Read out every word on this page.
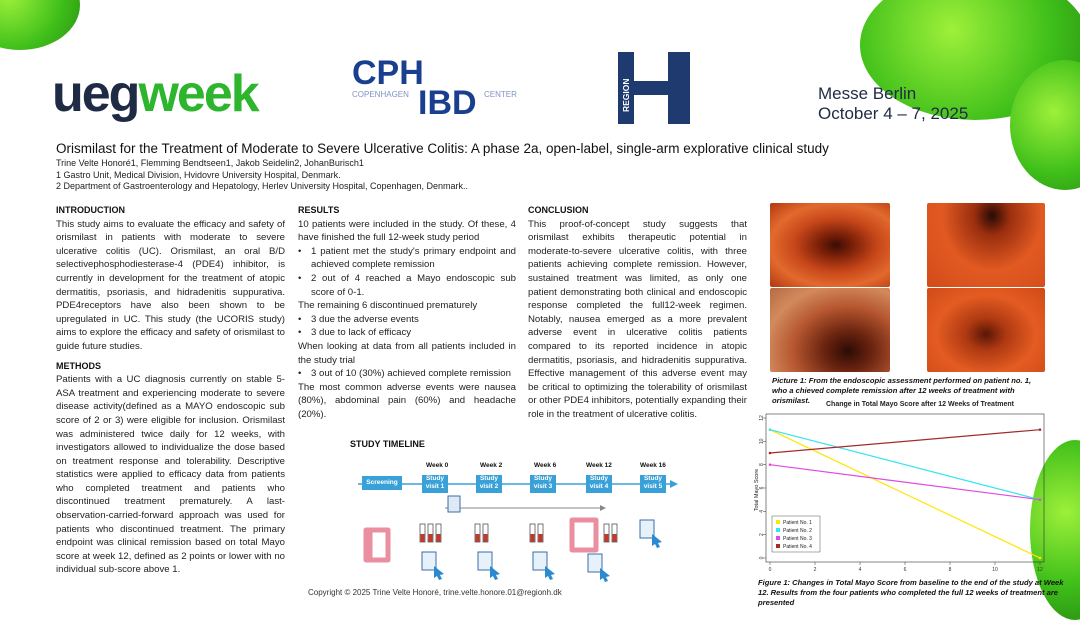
uegweek	CPH
COPENHAGEN IBD CENTER	REGION	Messe Berlin
October 4 – 7, 2025
Orismilast for the Treatment of Moderate to Severe Ulcerative Colitis: A phase 2a, open-label, single-arm explorative clinical study
Trine Velte Honoré1, Flemming Bendtseen1, Jakob Seidelin2, JohanBurisch1
1 Gastro Unit, Medical Division, Hvidovre University Hospital, Denmark.
2 Department of Gastroenterology and Hepatology, Herlev University Hospital, Copenhagen, Denmark..
INTRODUCTION

This study aims to evaluate the efficacy and safety of orismilast in patients with moderate to severe ulcerative colitis (UC). Orismilast, an oral B/D selectivephosphodiesterase-4 (PDE4) inhibitor, is currently in development for the treatment of atopic dermatitis, psoriasis, and hidradenitis suppurativa. PDE4receptors have also been shown to be upregulated in UC. This study (the UCORIS study) aims to explore the efficacy and safety of orismilast to guide future studies.

METHODS

Patients with a UC diagnosis currently on stable 5-ASA treatment and experiencing moderate to severe disease activity(defined as a MAYO endoscopic sub score of 2 or 3) were eligible for inclusion. Orismilast was administered twice daily for 12 weeks, with investigators allowed to individualize the dose based on treatment response and tolerability. Descriptive statistics were applied to efficacy data from patients who completed treatment and patients who discontinued treatment prematurely. A last-observation-carried-forward approach was used for patients who discontinued treatment. The primary endpoint was clinical remission based on total Mayo score at week 12, defined as 2 points or lower with no individual sub-score above 1.

RESULTS

10 patients were included in the study. Of these, 4 have finished the full 12-week study period

• 1 patient met the study's primary endpoint and achieved complete remission
• 2 out of 4 reached a Mayo endoscopic sub score of 0-1.

The remaining 6 discontinued prematurely

• 3 due the adverse events
• 3 due to lack of efficacy

When looking at data from all patients included in the study trial

• 3 out of 10 (30%) achieved complete remission

The most common adverse events were nausea (80%), abdominal pain (60%) and headache (20%).

CONCLUSION

This proof-of-concept study suggests that orismilast exhibits therapeutic potential in moderate-to-severe ulcerative colitis, with three patients achieving complete remission. However, sustained treatment was limited, as only one patient demonstrating both clinical and endoscopic response completed the full12-week regimen. Notably, nausea emerged as a more prevalent adverse event in ulcerative colitis patients compared to its reported incidence in atopic dermatitis, psoriasis, and hidradenitis suppurativa. Effective management of this adverse event may be critical to optimizing the tolerability of orismilast or other PDE4 inhibitors, potentially expanding their role in the treatment of ulcerative colitis.

STUDY TIMELINE
Screening
Week 0
Study visit 1
Week 2
Study visit 2
Week 6
Study visit 3
Week 12
Study visit 4
Week 16
Study visit 5
Copyright © 2025 Trine Velte Honoré, trine.velte.honore.01@regionh.dk
Picture 1: From the endoscopic assessment performed on patient no. 1, who a chieved complete remission after 12 weeks of treatment with orismilast.	Change in Total Mayo Score after 12 Weeks of Treatment
Total Mayo Score
0	2	4	6	8	10	12
0
2
4
6
8
10
12
Patient No. 1
Patient No. 2
Patient No. 3
Patient No. 4
Figure 1: Changes in Total Mayo Score from baseline to the end of the study at Week 12. Results from the four patients who completed the full 12 weeks of treatment are presented
